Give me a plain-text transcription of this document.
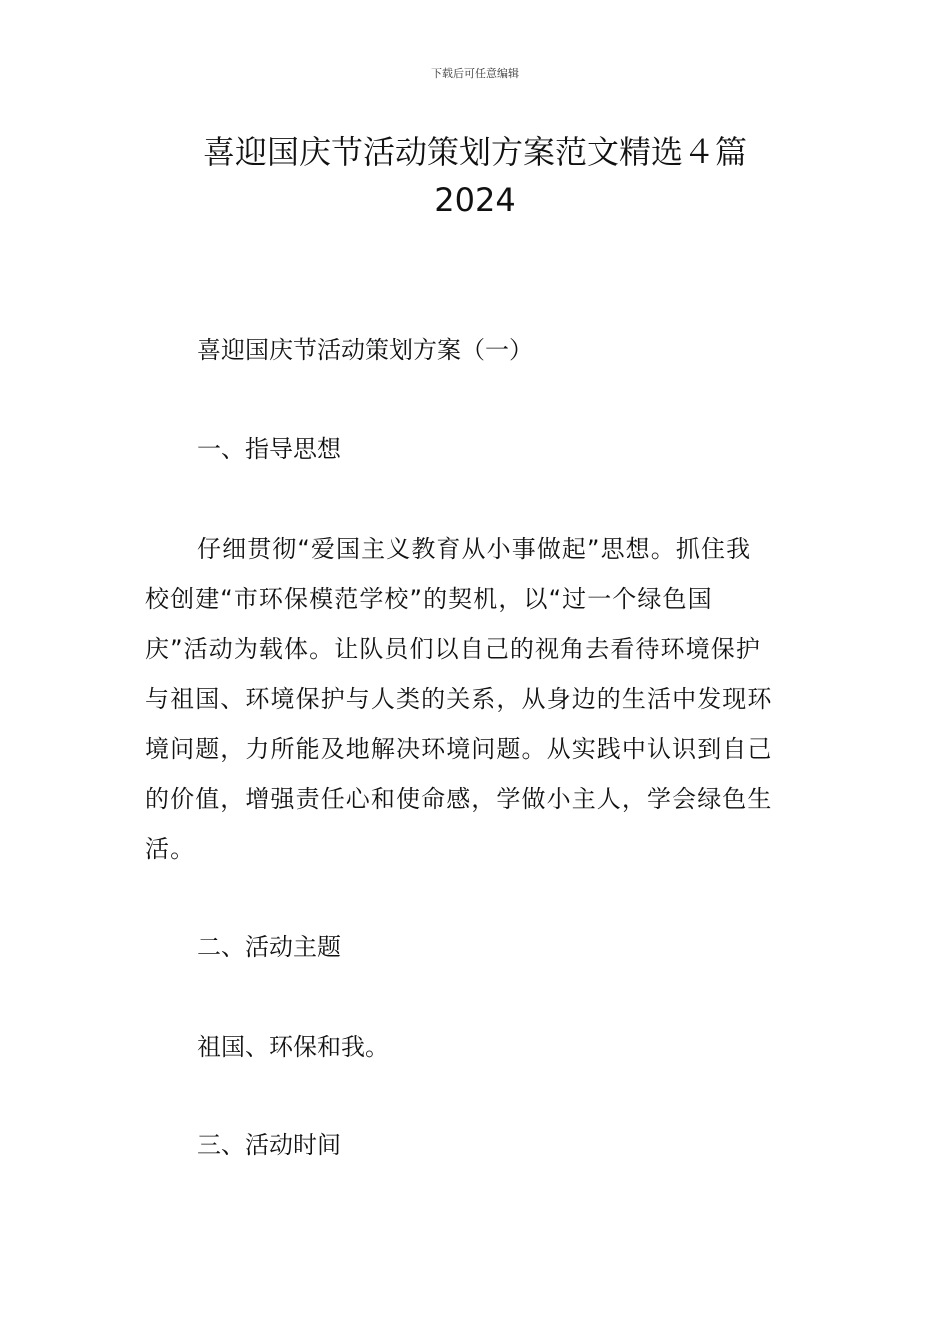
下载后可任意编辑
喜迎国庆节活动策划方案范文精选４篇
2024

喜迎国庆节活动策划方案（一）

一、指导思想

仔细贯彻“爱国主义教育从小事做起”思想。抓住我
校创建“市环保模范学校”的契机，以“过一个绿色国
庆”活动为载体。让队员们以自己的视角去看待环境保护
与祖国、环境保护与人类的关系，从身边的生活中发现环
境问题，力所能及地解决环境问题。从实践中认识到自己
的价值，增强责任心和使命感，学做小主人，学会绿色生
活。

二、活动主题

祖国、环保和我。

三、活动时间
